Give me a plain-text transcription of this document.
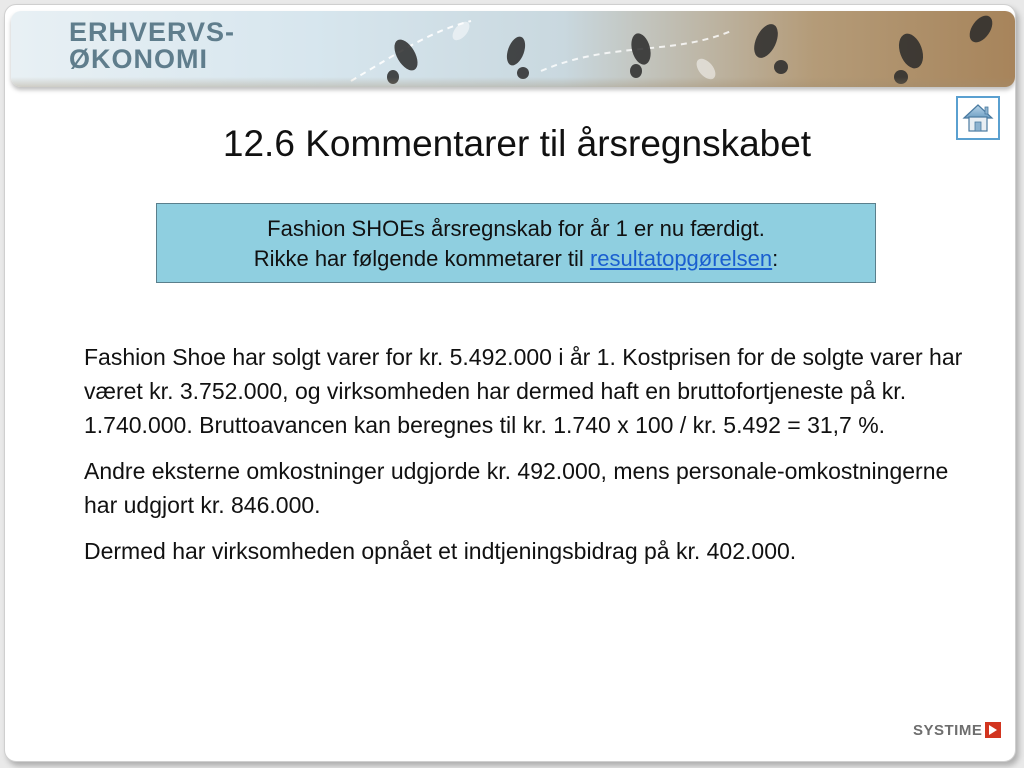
ERHVERVS-
ØKONOMI
12.6 Kommentarer til årsregnskabet
Fashion SHOEs årsregnskab for år 1 er nu færdigt.
Rikke har følgende kommetarer til resultatopgørelsen:

Fashion Shoe har solgt varer for kr. 5.492.000 i år 1. Kostprisen for de solgte varer har været kr. 3.752.000, og virksomheden har dermed haft en bruttofortjeneste på kr. 1.740.000. Bruttoavancen kan beregnes til kr. 1.740 x 100 / kr. 5.492 = 31,7 %.

Andre eksterne omkostninger udgjorde kr. 492.000, mens personale-omkostningerne har udgjort kr. 846.000.

Dermed har virksomheden opnået et indtjeningsbidrag på kr. 402.000.

SYSTIME
